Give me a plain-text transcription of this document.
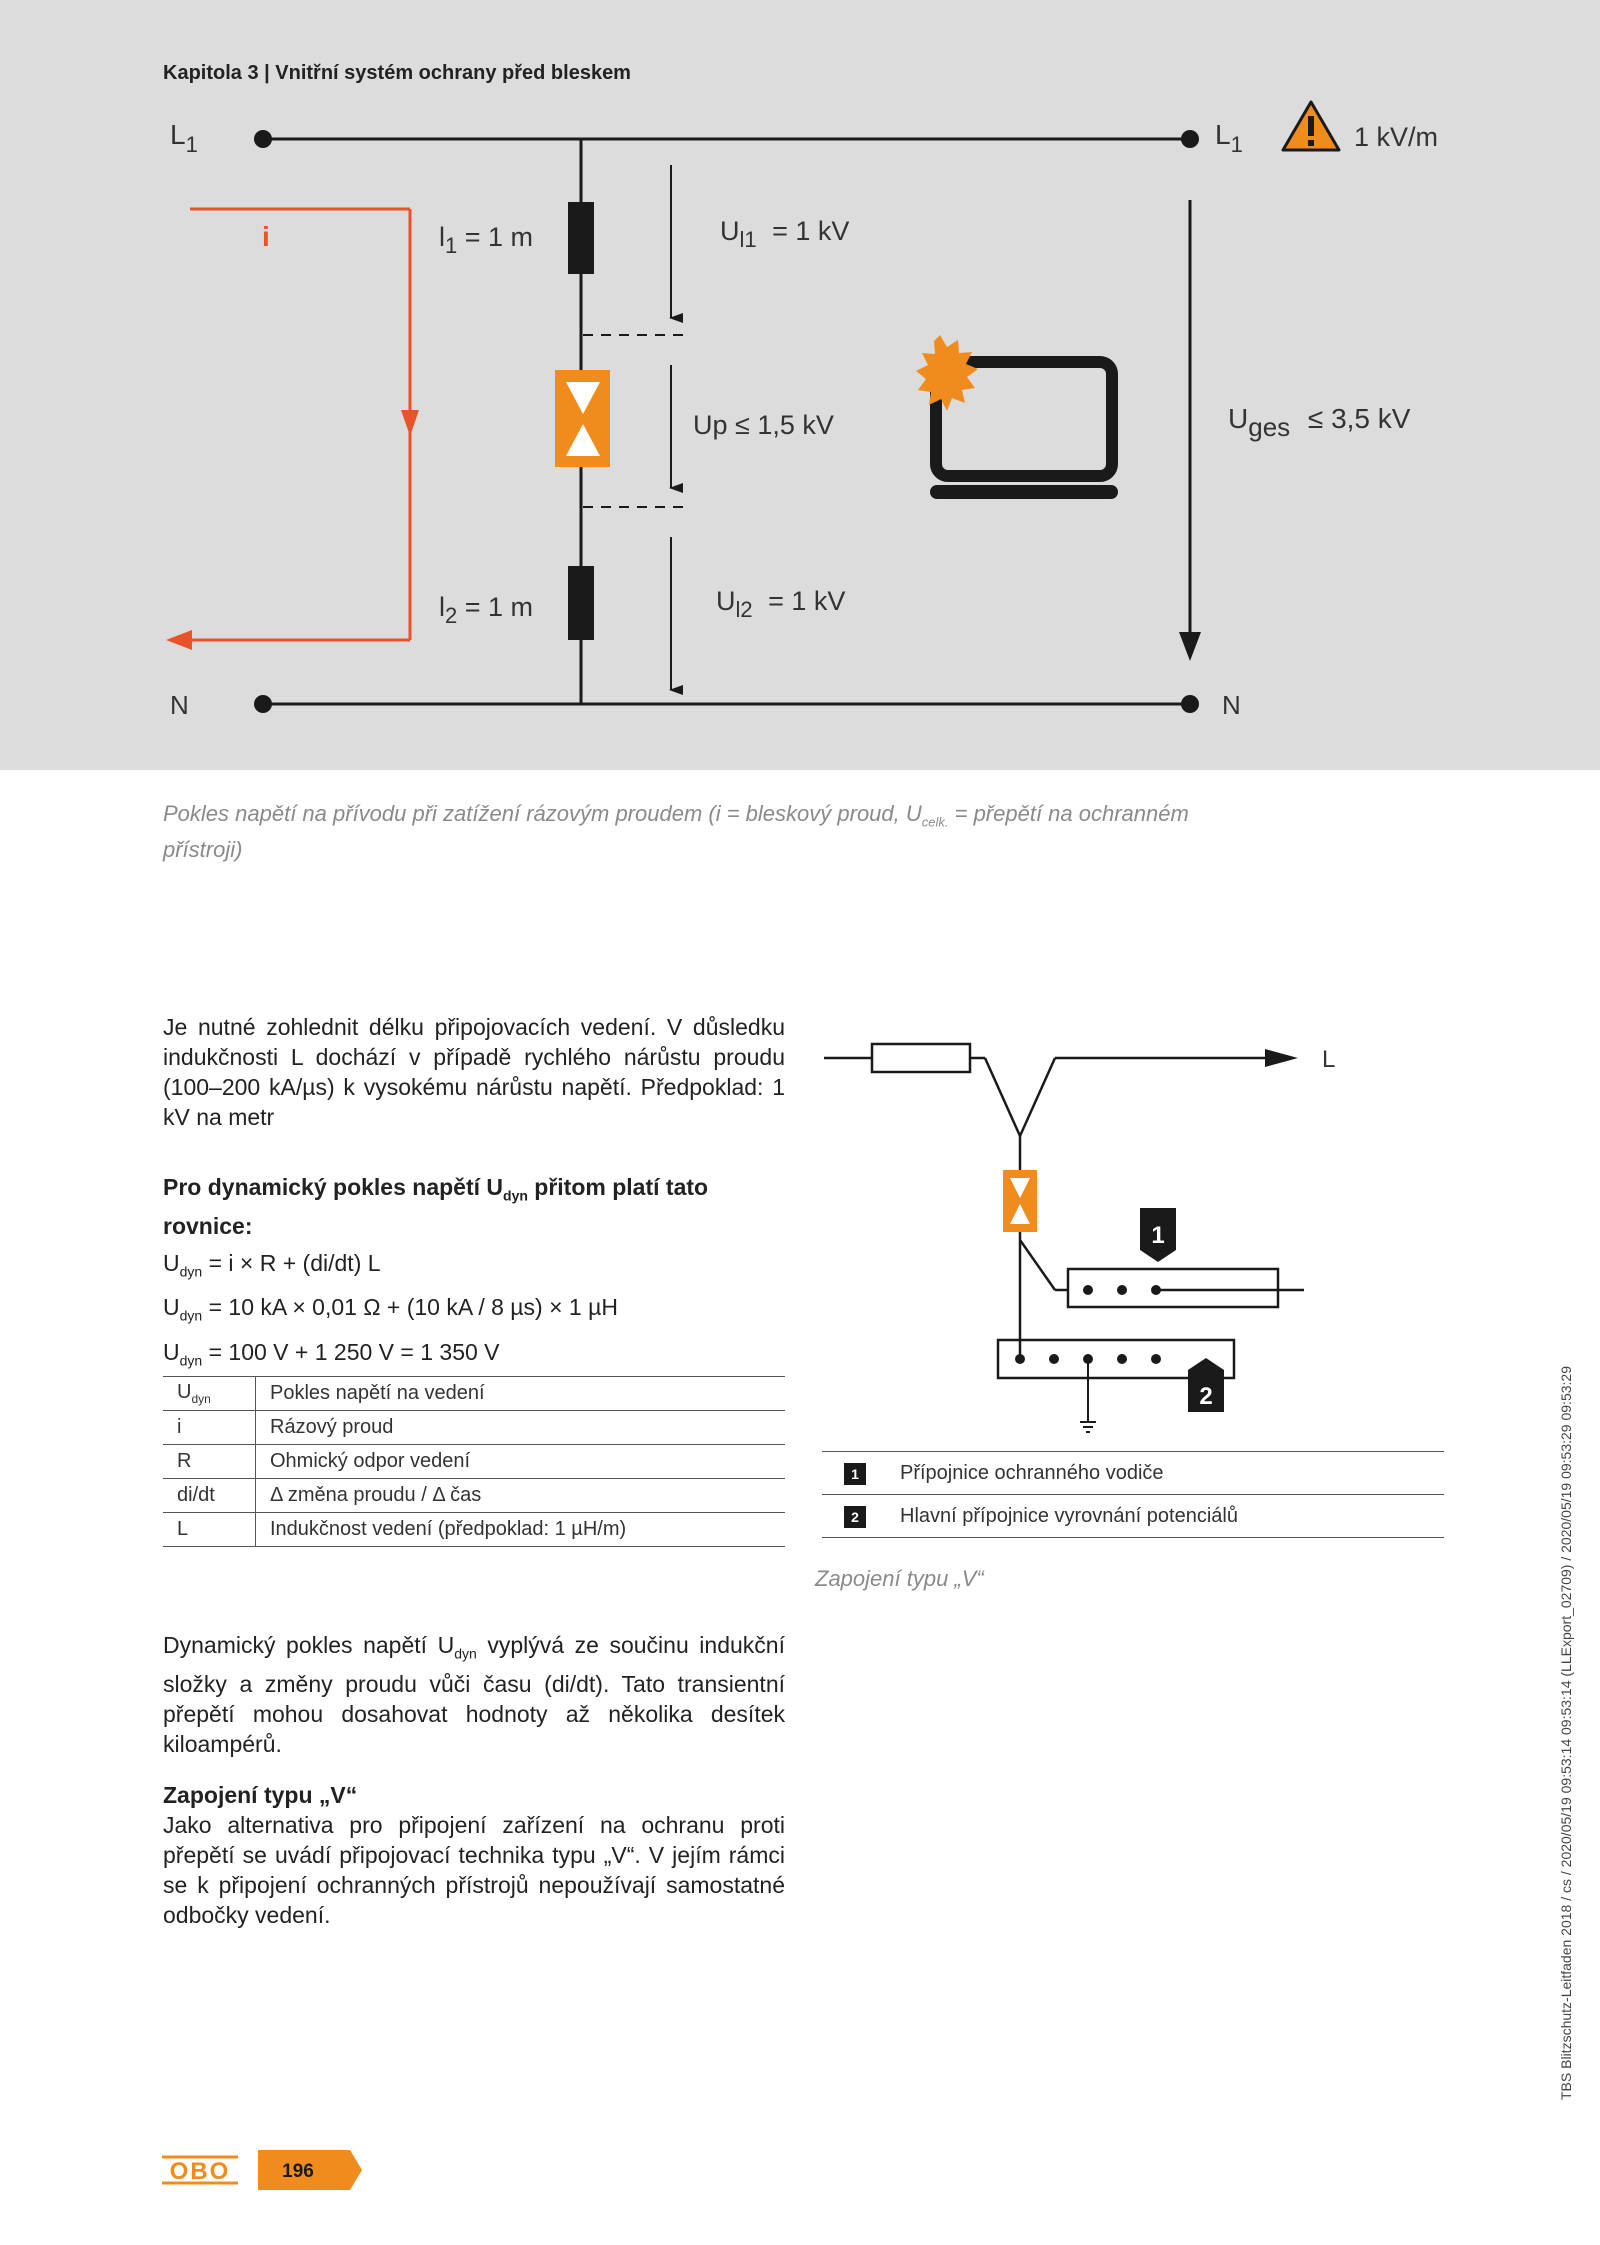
Kapitola 3 | Vnitřní systém ochrany před bleskem
$L_1$	$L_1$
N	N
i	$l_1 = 1$ m
$l_2 = 1$ m
$U_{l1} = 1$ kV
$U_{l2} = 1$ kV
Up ≤ 1,5 kV	Uges ≤ 3,5 kV
1 kV/m
Pokles napětí na přívodu při zatížení rázovým proudem (i = bleskový proud, $U_{celk.}$ = přepětí na ochranném přístroji)

Je nutné zohlednit délku připojovacích vedení. V důsledku indukčnosti L dochází v případě rychlého nárůstu proudu (100–200 kA/µs) k vysokému nárůstu napětí. Předpoklad: 1 kV na metr

Pro dynamický pokles napětí $U_{dyn}$ přitom platí tato rovnice:

$U_{dyn} = i \times R + (di/dt)$ L

$U_{dyn} = 10$ kA × 0,01 Ω + (10 kA / 8 µs) × 1 µH

$U_{dyn} = 100$ V + 1 250 V = 1 350 V

$U_{dyn}$	Pokles napětí na vedení
i	Rázový proud
R	Ohmický odpor vedení
di/dt	Δ změna proudu / Δ čas
L	Indukčnost vedení (předpoklad: 1 µH/m)

Dynamický pokles napětí $U_{dyn}$ vyplývá ze součinu indukční složky a změny proudu vůči času (di/dt). Tato transientní přepětí mohou dosahovat hodnoty až několika desítek kiloampérů.

Zapojení typu „V“

Jako alternativa pro připojení zařízení na ochranu proti přepětí se uvádí připojovací technika typu „V“. V jejím rámci se k připojení ochranných přístrojů nepoužívají samostatné odbočky vedení.

L
1
2
1	Přípojnice ochranného vodiče
2	Hlavní přípojnice vyrovnání potenciálů
Zapojení typu „V“	TBS Blitzschutz-Leitfaden 2018 / cs / 2020/05/19 09:53:14 09:53:14 (LLExport_02709) / 2020/05/19 09:53:29 09:53:29
OBO	196
